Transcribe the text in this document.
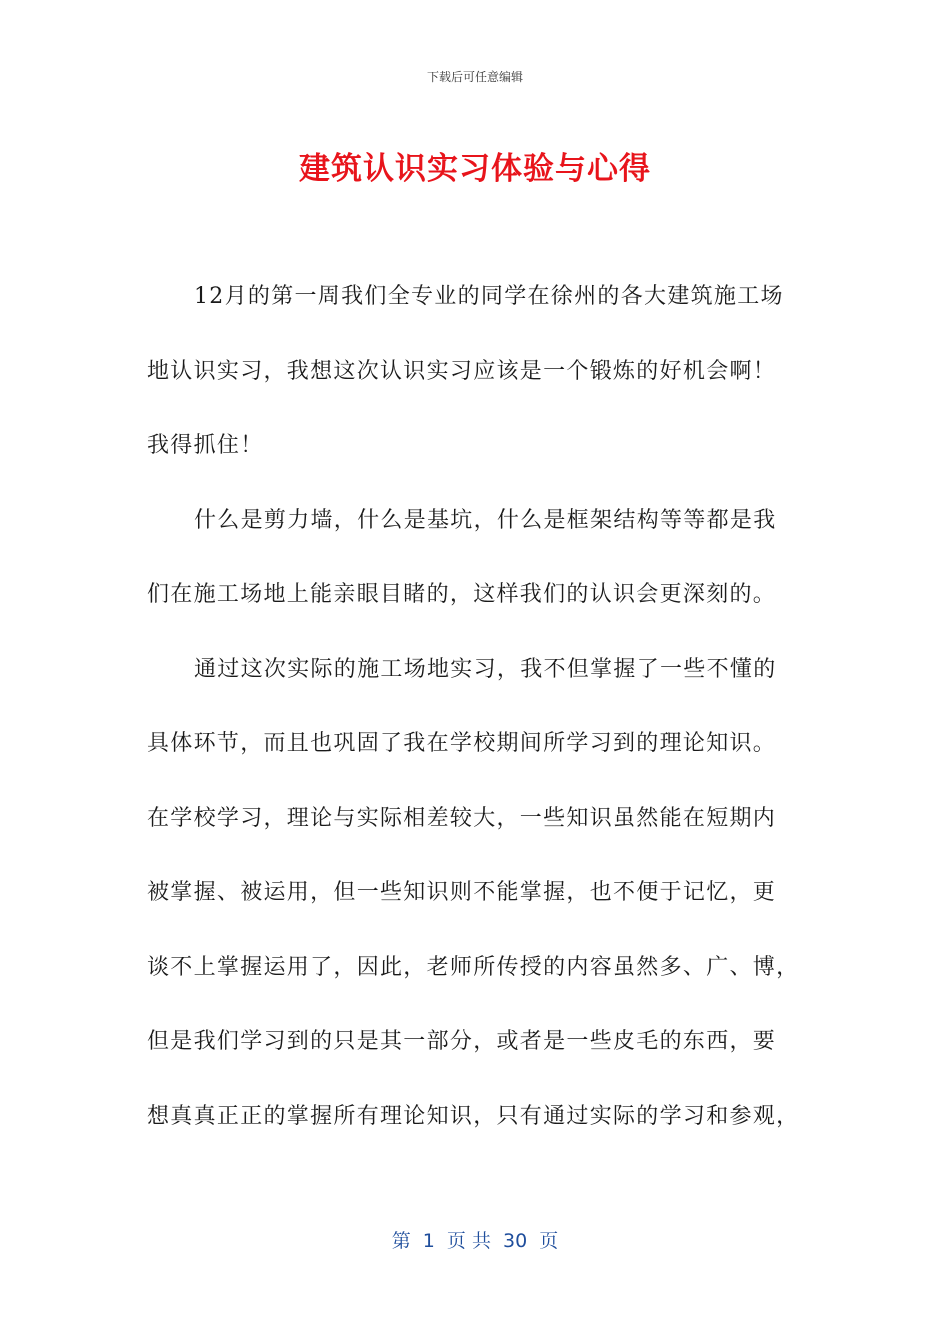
下载后可任意编辑
建筑认识实习体验与心得
12月的第一周我们全专业的同学在徐州的各大建筑施工场
地认识实习，我想这次认识实习应该是一个锻炼的好机会啊！
我得抓住！
什么是剪力墙，什么是基坑，什么是框架结构等等都是我
们在施工场地上能亲眼目睹的，这样我们的认识会更深刻的。
通过这次实际的施工场地实习，我不但掌握了一些不懂的
具体环节，而且也巩固了我在学校期间所学习到的理论知识。
在学校学习，理论与实际相差较大，一些知识虽然能在短期内
被掌握、被运用，但一些知识则不能掌握，也不便于记忆，更
谈不上掌握运用了，因此，老师所传授的内容虽然多、广、博，
但是我们学习到的只是其一部分，或者是一些皮毛的东西，要
想真真正正的掌握所有理论知识，只有通过实际的学习和参观，
第  1  页 共  30  页
